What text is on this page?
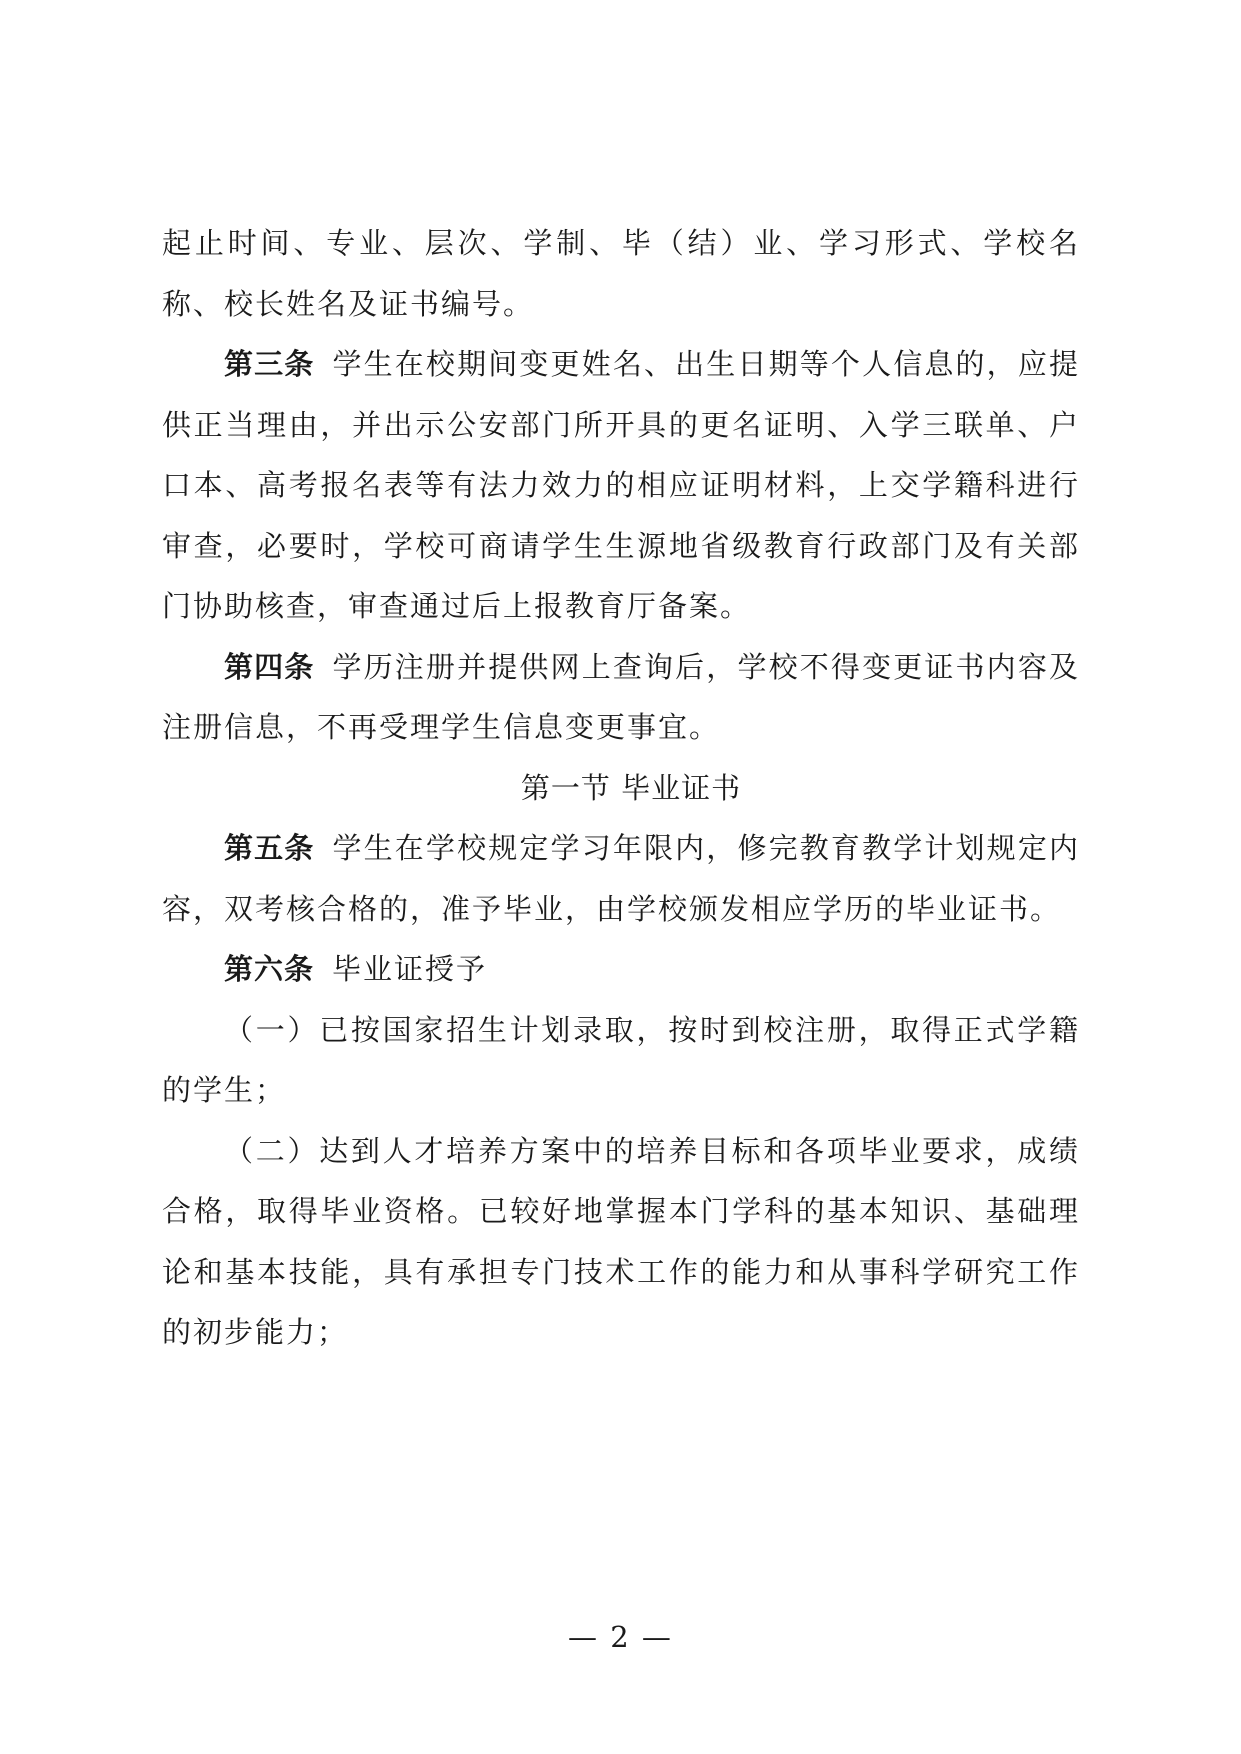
起止时间、专业、层次、学制、毕（结）业、学习形式、学校名称、校长姓名及证书编号。

第三条 学生在校期间变更姓名、出生日期等个人信息的，应提供正当理由，并出示公安部门所开具的更名证明、入学三联单、户口本、高考报名表等有法力效力的相应证明材料，上交学籍科进行审查，必要时，学校可商请学生生源地省级教育行政部门及有关部门协助核查，审查通过后上报教育厅备案。

第四条 学历注册并提供网上查询后，学校不得变更证书内容及注册信息，不再受理学生信息变更事宜。

第一节 毕业证书

第五条 学生在学校规定学习年限内，修完教育教学计划规定内容，双考核合格的，准予毕业，由学校颁发相应学历的毕业证书。

第六条 毕业证授予

（一）已按国家招生计划录取，按时到校注册，取得正式学籍的学生；

（二）达到人才培养方案中的培养目标和各项毕业要求，成绩合格，取得毕业资格。已较好地掌握本门学科的基本知识、基础理论和基本技能，具有承担专门技术工作的能力和从事科学研究工作的初步能力；

— 2 —
